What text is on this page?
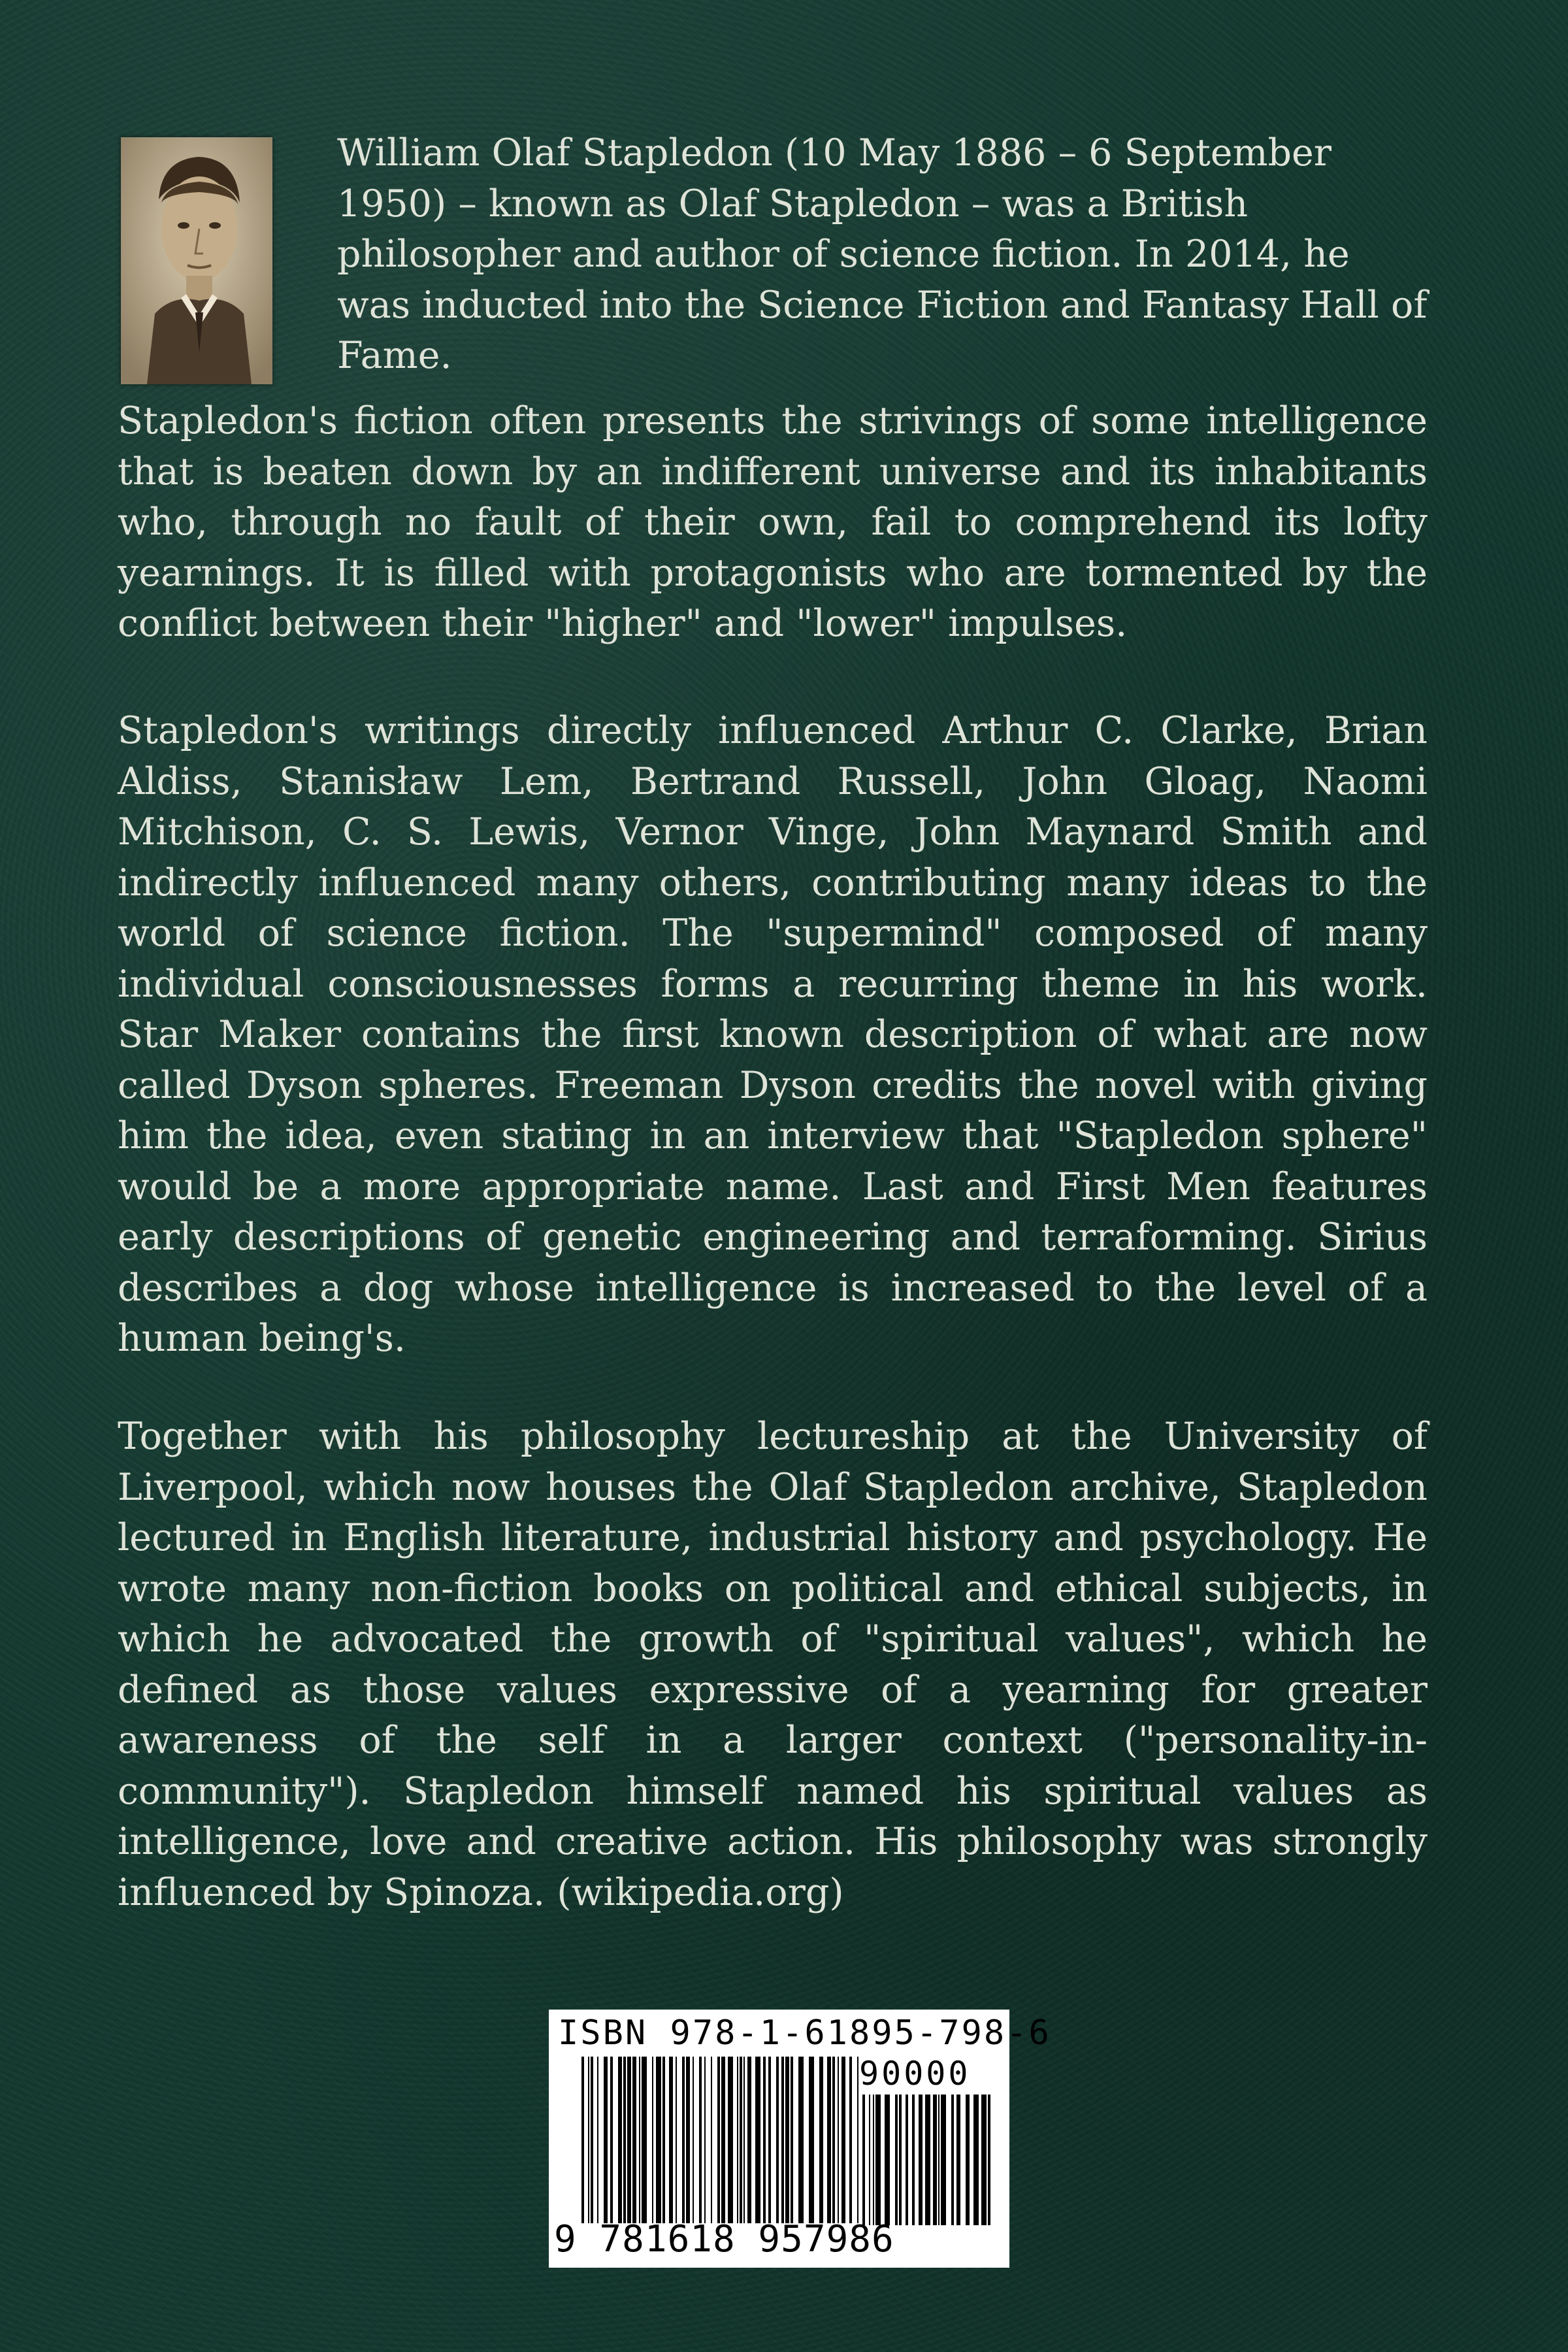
William Olaf Stapledon (10 May 1886 – 6 September 1950) – known as Olaf Stapledon – was a British philosopher and author of science fiction. In 2014, he was inducted into the Science Fiction and Fantasy Hall of Fame.

Stapledon's fiction often presents the strivings of some intelligence that is beaten down by an indifferent universe and its inhabitants who, through no fault of their own, fail to comprehend its lofty yearnings. It is filled with protagonists who are tormented by the conflict between their "higher" and "lower" impulses.

Stapledon's writings directly influenced Arthur C. Clarke, Brian Aldiss, Stanisław Lem, Bertrand Russell, John Gloag, Naomi Mitchison, C. S. Lewis, Vernor Vinge, John Maynard Smith and indirectly influenced many others, contributing many ideas to the world of science fiction. The "supermind" composed of many individual consciousnesses forms a recurring theme in his work. Star Maker contains the first known description of what are now called Dyson spheres. Freeman Dyson credits the novel with giving him the idea, even stating in an interview that "Stapledon sphere" would be a more appropriate name. Last and First Men features early descriptions of genetic engineering and terraforming. Sirius describes a dog whose intelligence is increased to the level of a human being's.

Together with his philosophy lectureship at the University of Liverpool, which now houses the Olaf Stapledon archive, Stapledon lectured in English literature, industrial history and psychology. He wrote many non-fiction books on political and ethical subjects, in which he advocated the growth of "spiritual values", which he defined as those values expressive of a yearning for greater awareness of the self in a larger context ("personality-in-community"). Stapledon himself named his spiritual values as intelligence, love and creative action. His philosophy was strongly influenced by Spinoza. (wikipedia.org)

ISBN 978-1-61895-798-6
90000
9 781618 957986
